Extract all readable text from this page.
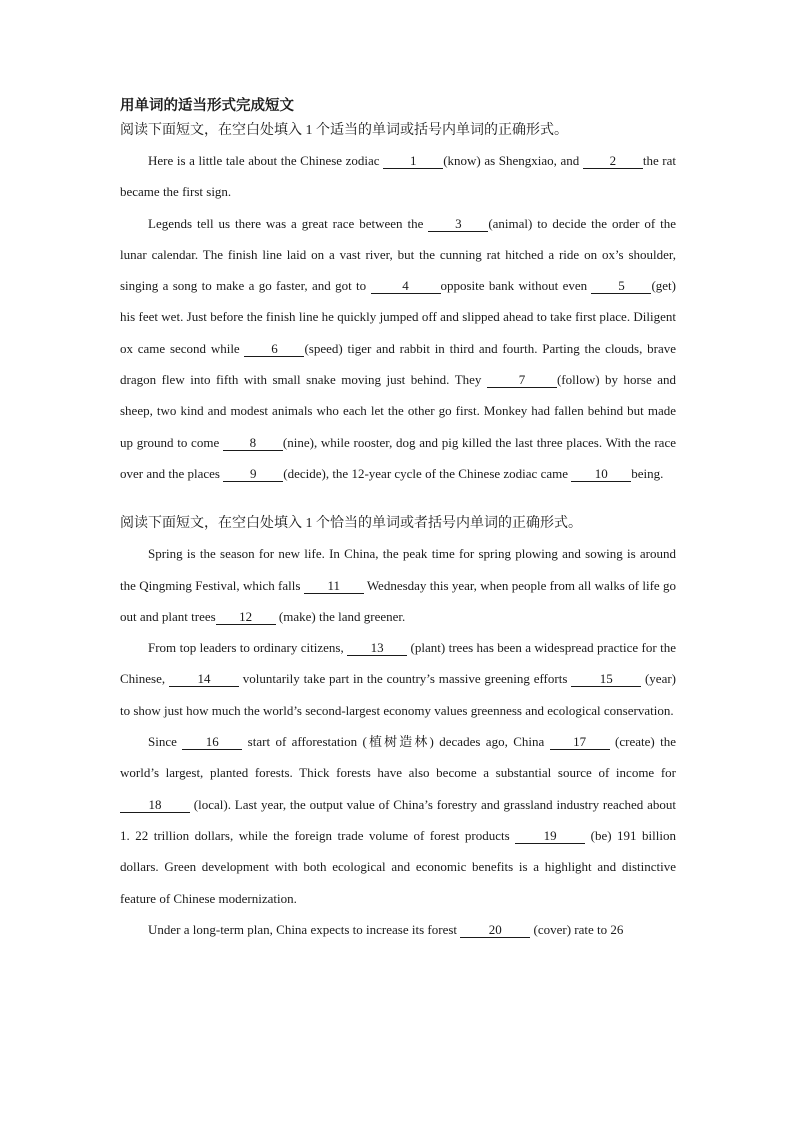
用单词的适当形式完成短文
阅读下面短文，在空白处填入 1 个适当的单词或括号内单词的正确形式。

Here is a little tale about the Chinese zodiac 1 (know) as Shengxiao, and 2 the rat became the first sign.

Legends tell us there was a great race between the 3 (animal) to decide the order of the lunar calendar. The finish line laid on a vast river, but the cunning rat hitched a ride on ox’s shoulder, singing a song to make a go faster, and got to 4 opposite bank without even 5 (get) his feet wet. Just before the finish line he quickly jumped off and slipped ahead to take first place. Diligent ox came second while 6 (speed) tiger and rabbit in third and fourth. Parting the clouds, brave dragon flew into fifth with small snake moving just behind. They 7 (follow) by horse and sheep, two kind and modest animals who each let the other go first. Monkey had fallen behind but made up ground to come 8 (nine), while rooster, dog and pig killed the last three places. With the race over and the places 9 (decide), the 12-year cycle of the Chinese zodiac came 10 being.

阅读下面短文，在空白处填入 1 个恰当的单词或者括号内单词的正确形式。

Spring is the season for new life. In China, the peak time for spring plowing and sowing is around the Qingming Festival, which falls 11 Wednesday this year, when people from all walks of life go out and plant trees 12 (make) the land greener.

From top leaders to ordinary citizens, 13 (plant) trees has been a widespread practice for the Chinese, 14 voluntarily take part in the country’s massive greening efforts 15 (year) to show just how much the world’s second-largest economy values greenness and ecological conservation.

Since 16 start of afforestation (植树造林) decades ago, China 17 (create) the world’s largest, planted forests. Thick forests have also become a substantial source of income for 18 (local). Last year, the output value of China’s forestry and grassland industry reached about 1. 22 trillion dollars, while the foreign trade volume of forest products 19 (be) 191 billion dollars. Green development with both ecological and economic benefits is a highlight and distinctive feature of Chinese modernization.

Under a long-term plan, China expects to increase its forest 20 (cover) rate to 26
